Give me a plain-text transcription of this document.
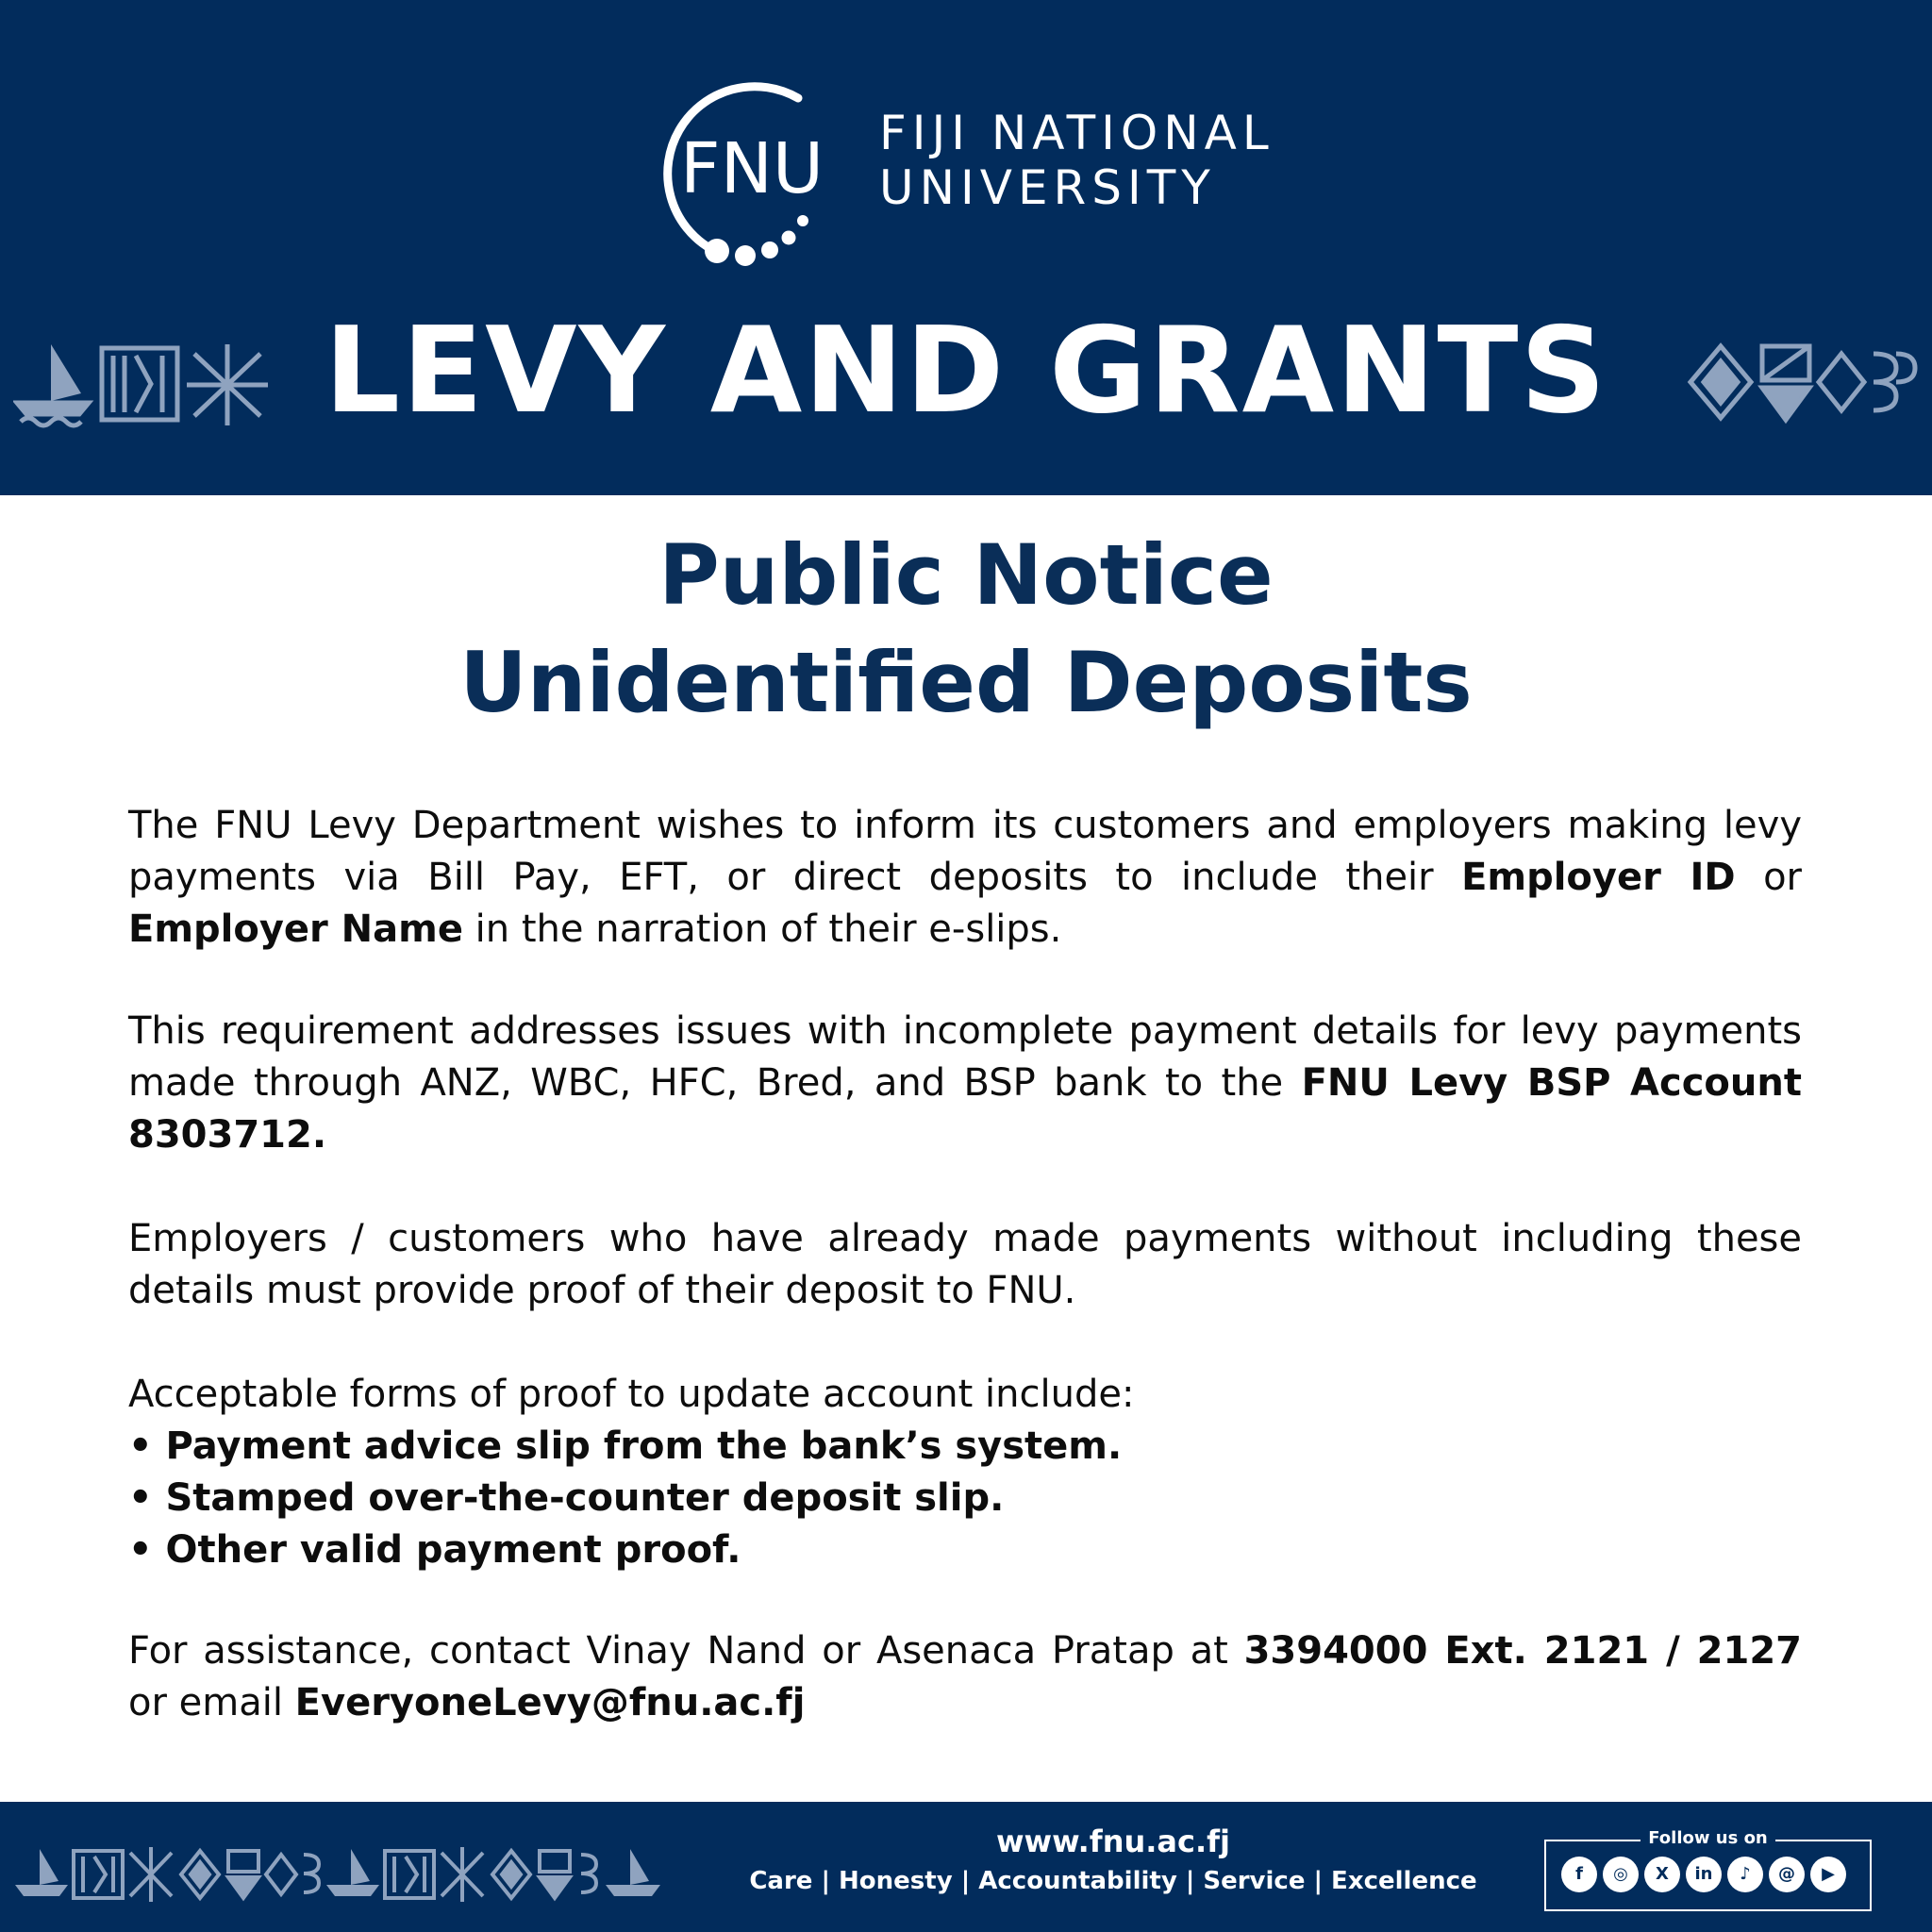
FNU FIJI NATIONAL
UNIVERSITY
LEVY AND GRANTS
Public Notice
Unidentified Deposits
The FNU Levy Department wishes to inform its customers and employers making levy payments via Bill Pay, EFT, or direct deposits to include their Employer ID or Employer Name in the narration of their e-slips.
This requirement addresses issues with incomplete payment details for levy payments made through ANZ, WBC, HFC, Bred, and BSP bank to the FNU Levy BSP Account 8303712.
Employers / customers who have already made payments without including these details must provide proof of their deposit to FNU.
Acceptable forms of proof to update account include:
• Payment advice slip from the bank’s system.
• Stamped over-the-counter deposit slip.
• Other valid payment proof.
For assistance, contact Vinay Nand or Asenaca Pratap at 3394000 Ext. 2121 / 2127 or email EveryoneLevy@fnu.ac.fj
www.fnu.ac.fj
Care | Honesty | Accountability | Service | Excellence
Follow us on
f	◎	X	in	♪	@	▶
